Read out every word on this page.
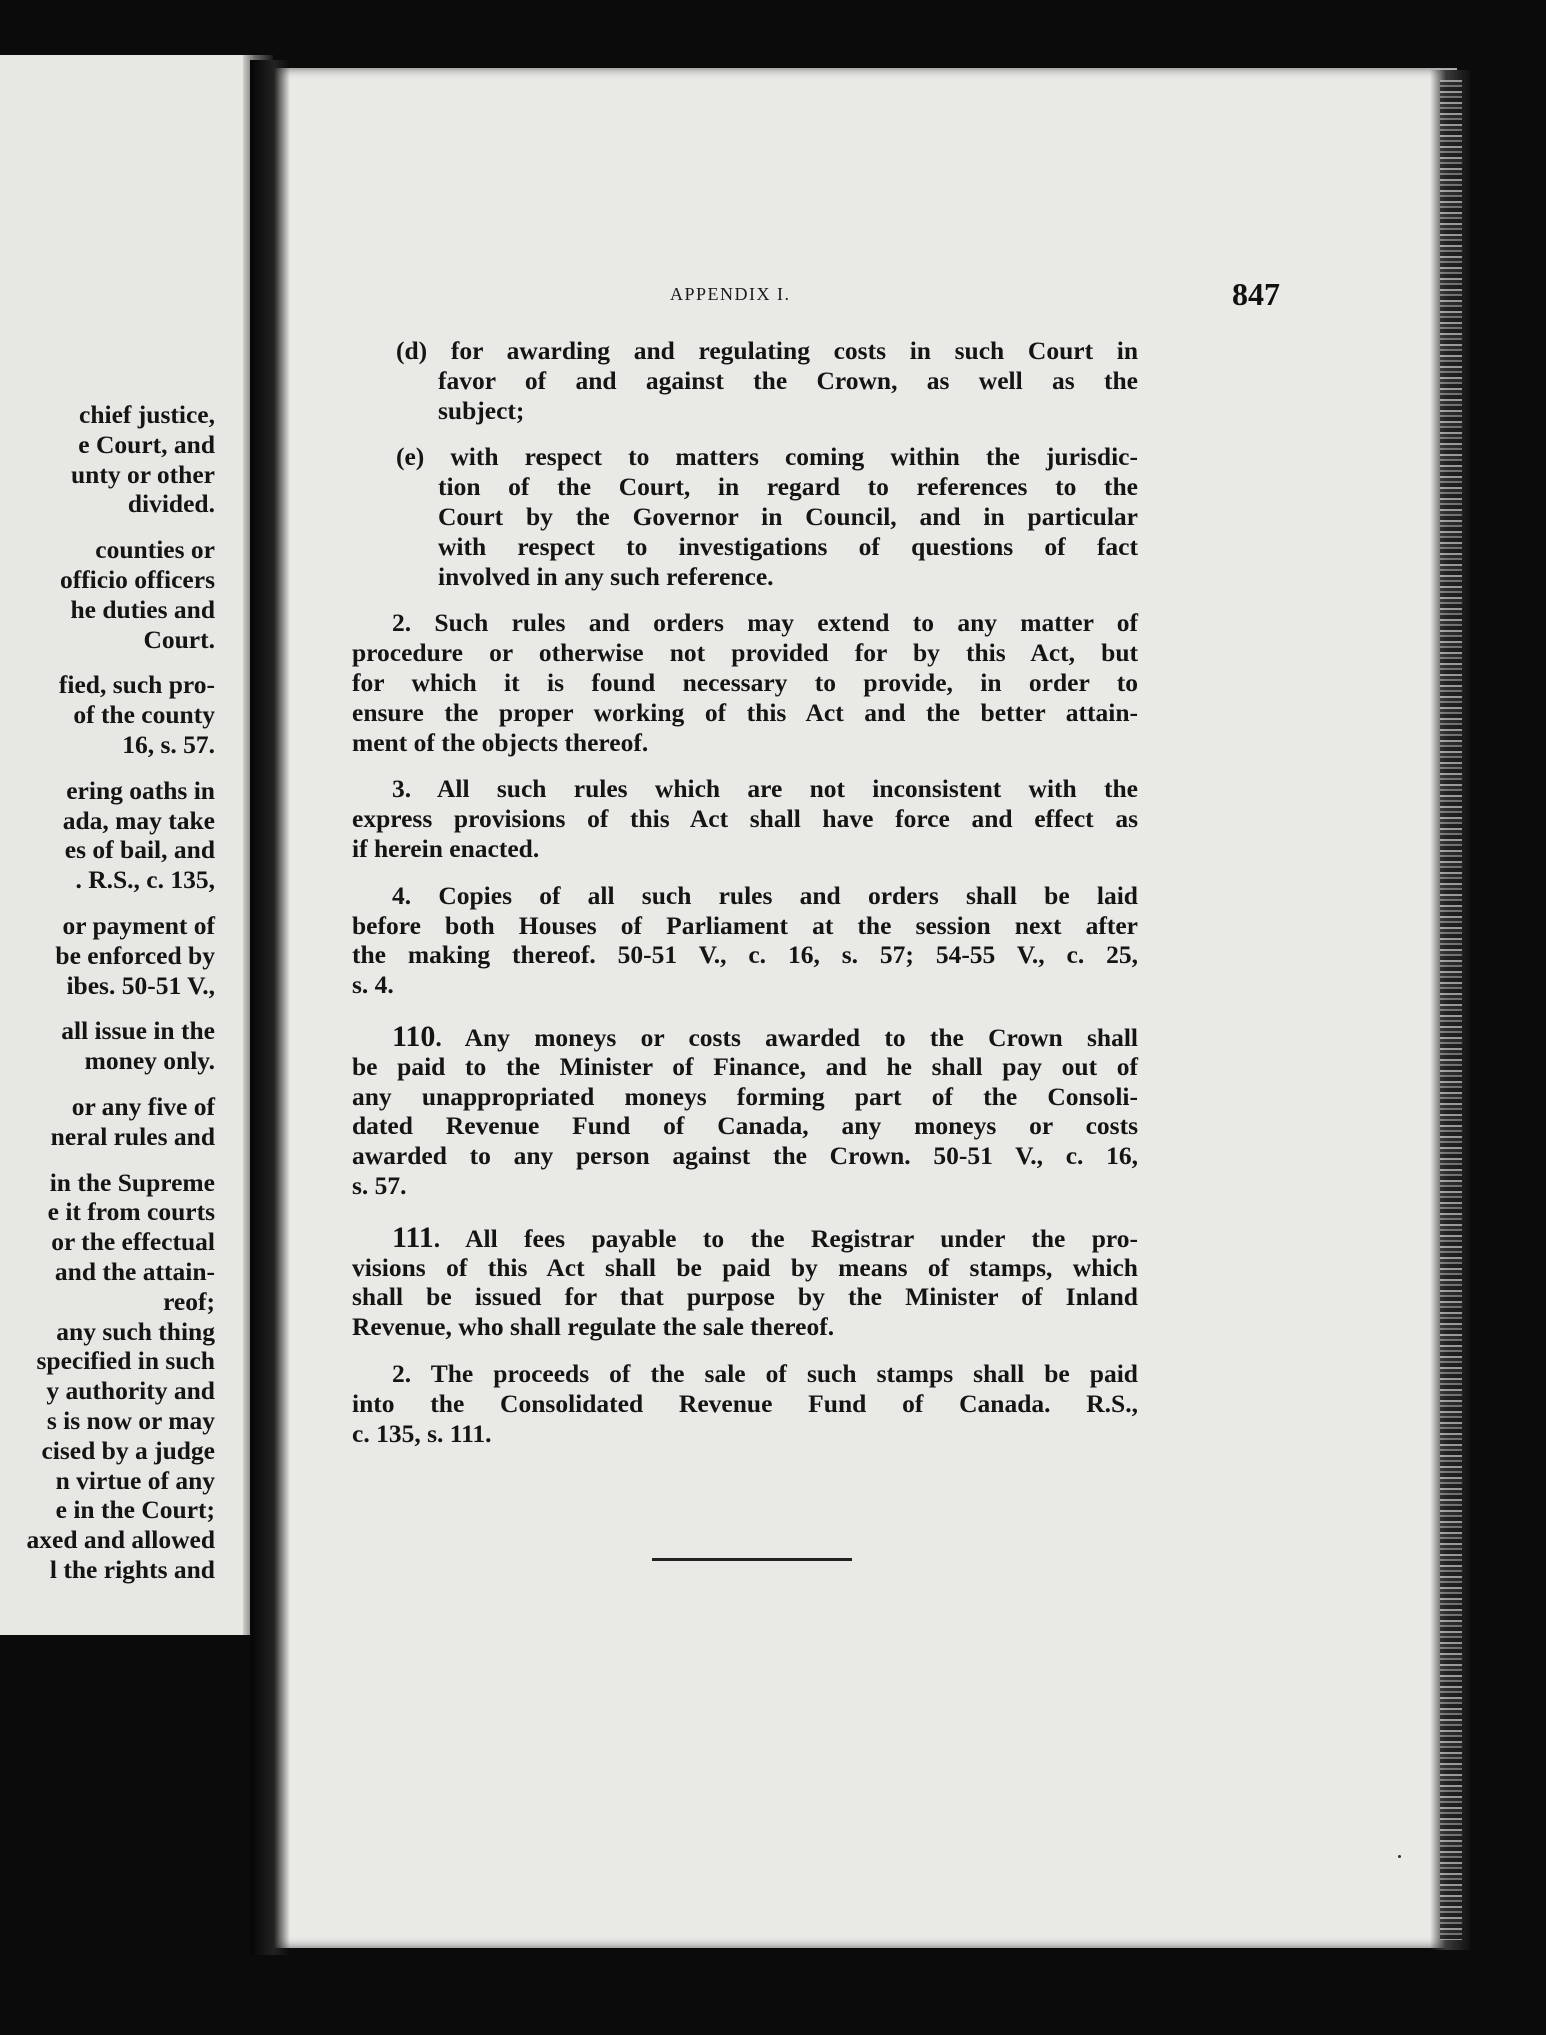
chief justice,
e Court, and
unty or other
divided.
counties or
officio officers
he duties and
Court.
fied, such pro-
of the county
16, s. 57.
ering oaths in
ada, may take
es of bail, and
. R.S., c. 135,
or payment of
be enforced by
ibes. 50-51 V.,
all issue in the
money only.
or any five of
neral rules and
in the Supreme
e it from courts
or the effectual
and the attain-
reof;
any such thing
specified in such
y authority and
s is now or may
cised by a judge
n virtue of any
e in the Court;
axed and allowed
l the rights and
APPENDIX I.	847
(d) for awarding and regulating costs in such Court in
favor of and against the Crown, as well as the
subject;
(e) with respect to matters coming within the jurisdic-
tion of the Court, in regard to references to the
Court by the Governor in Council, and in particular
with respect to investigations of questions of fact
involved in any such reference.
2. Such rules and orders may extend to any matter of
procedure or otherwise not provided for by this Act, but
for which it is found necessary to provide, in order to
ensure the proper working of this Act and the better attain-
ment of the objects thereof.
3. All such rules which are not inconsistent with the
express provisions of this Act shall have force and effect as
if herein enacted.
4. Copies of all such rules and orders shall be laid
before both Houses of Parliament at the session next after
the making thereof. 50-51 V., c. 16, s. 57; 54-55 V., c. 25,
s. 4.
110. Any moneys or costs awarded to the Crown shall
be paid to the Minister of Finance, and he shall pay out of
any unappropriated moneys forming part of the Consoli-
dated Revenue Fund of Canada, any moneys or costs
awarded to any person against the Crown. 50-51 V., c. 16,
s. 57.
111. All fees payable to the Registrar under the pro-
visions of this Act shall be paid by means of stamps, which
shall be issued for that purpose by the Minister of Inland
Revenue, who shall regulate the sale thereof.
2. The proceeds of the sale of such stamps shall be paid
into the Consolidated Revenue Fund of Canada. R.S.,
c. 135, s. 111.
